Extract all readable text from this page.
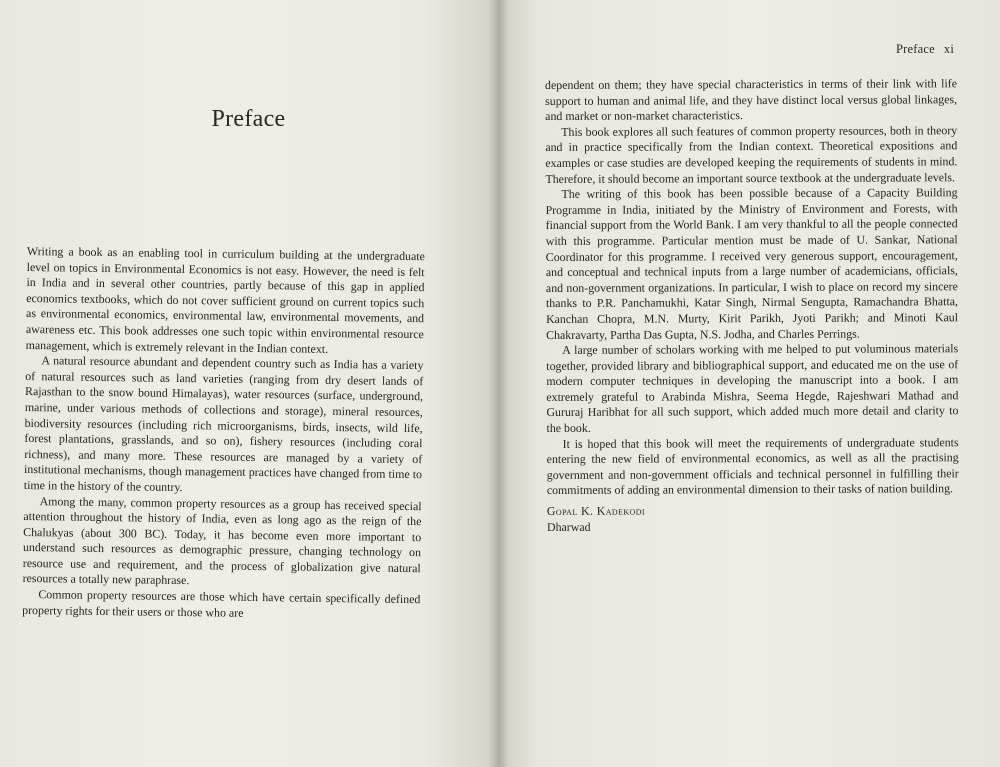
Preface

Writing a book as an enabling tool in curriculum building at the undergraduate level on topics in Environmental Economics is not easy. However, the need is felt in India and in several other countries, partly because of this gap in applied economics textbooks, which do not cover sufficient ground on current topics such as environmental economics, environmental law, environmental movements, and awareness etc. This book addresses one such topic within environmental resource management, which is extremely relevant in the Indian context.

A natural resource abundant and dependent country such as India has a variety of natural resources such as land varieties (ranging from dry desert lands of Rajasthan to the snow bound Himalayas), water resources (surface, underground, marine, under various methods of collections and storage), mineral resources, biodiversity resources (including rich microorganisms, birds, insects, wild life, forest plantations, grasslands, and so on), fishery resources (including coral richness), and many more. These resources are managed by a variety of institutional mechanisms, though management practices have changed from time to time in the history of the country.

Among the many, common property resources as a group has received special attention throughout the history of India, even as long ago as the reign of the Chalukyas (about 300 BC). Today, it has become even more important to understand such resources as demographic pressure, changing technology on resource use and requirement, and the process of globalization give natural resources a totally new paraphrase.

Common property resources are those which have certain specifically defined property rights for their users or those who are

Preface xi

dependent on them; they have special characteristics in terms of their link with life support to human and animal life, and they have distinct local versus global linkages, and market or non-market characteristics.

This book explores all such features of common property resources, both in theory and in practice specifically from the Indian context. Theoretical expositions and examples or case studies are developed keeping the requirements of students in mind. Therefore, it should become an important source textbook at the undergraduate levels.

The writing of this book has been possible because of a Capacity Building Programme in India, initiated by the Ministry of Environment and Forests, with financial support from the World Bank. I am very thankful to all the people connected with this programme. Particular mention must be made of U. Sankar, National Coordinator for this programme. I received very generous support, encouragement, and conceptual and technical inputs from a large number of academicians, officials, and non-government organizations. In particular, I wish to place on record my sincere thanks to P.R. Panchamukhi, Katar Singh, Nirmal Sengupta, Ramachandra Bhatta, Kanchan Chopra, M.N. Murty, Kirit Parikh, Jyoti Parikh; and Minoti Kaul Chakravarty, Partha Das Gupta, N.S. Jodha, and Charles Perrings.

A large number of scholars working with me helped to put voluminous materials together, provided library and bibliographical support, and educated me on the use of modern computer techniques in developing the manuscript into a book. I am extremely grateful to Arabinda Mishra, Seema Hegde, Rajeshwari Mathad and Gururaj Haribhat for all such support, which added much more detail and clarity to the book.

It is hoped that this book will meet the requirements of undergraduate students entering the new field of environmental economics, as well as all the practising government and non-government officials and technical personnel in fulfilling their commitments of adding an environmental dimension to their tasks of nation building.

Gopal K. Kadekodi
Dharwad
